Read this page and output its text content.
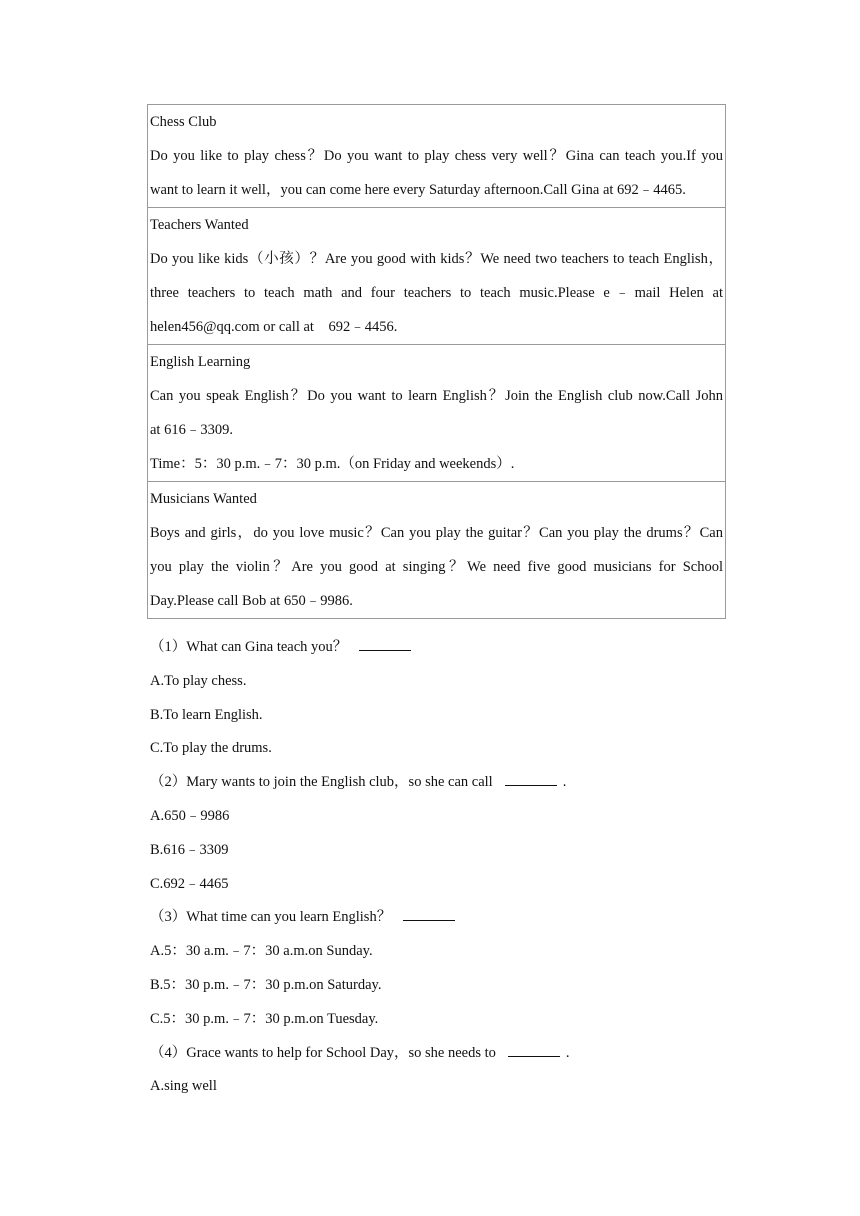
Chess Club
Do you like to play chess？Do you want to play chess very well？Gina can teach you.If you
want to learn it well，you can come here every Saturday afternoon.Call Gina at 692﹣4465.

Teachers Wanted
Do you like kids（小孩）？Are you good with kids？We need two teachers to teach English，
three teachers to teach math and four teachers to teach music.Please e﹣mail Helen at
helen456@qq.com or call at　692﹣4456.

English Learning
Can you speak English？Do you want to learn English？Join the English club now.Call John
at 616﹣3309.
Time：5：30 p.m.﹣7：30 p.m.（on Friday and weekends）.

Musicians Wanted
Boys and girls，do you love music？Can you play the guitar？Can you play the drums？Can
you play the violin？Are you good at singing？We need five good musicians for School
Day.Please call Bob at 650﹣9986.
（1）What can Gina teach you？
A.To play chess.
B.To learn English.
C.To play the drums.
（2）Mary wants to join the English club，so she can call	.
A.650﹣9986
B.616﹣3309
C.692﹣4465
（3）What time can you learn English？
A.5：30 a.m.﹣7：30 a.m.on Sunday.
B.5：30 p.m.﹣7：30 p.m.on Saturday.
C.5：30 p.m.﹣7：30 p.m.on Tuesday.
（4）Grace wants to help for School Day，so she needs to	.
A.sing well
